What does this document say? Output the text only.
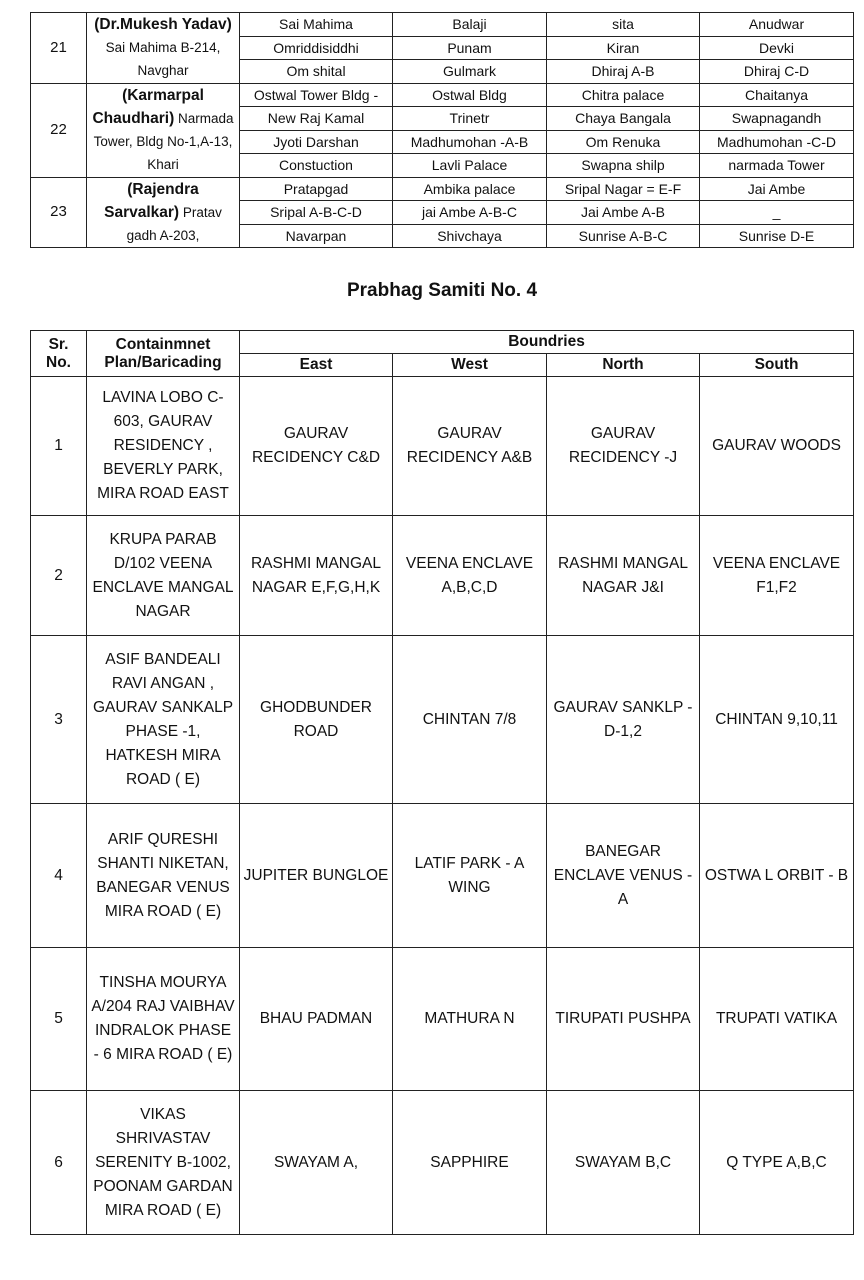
21	(Dr.Mukesh Yadav) Sai Mahima B-214, Navghar	Sai Mahima	Balaji	sita	Anudwar
		Omriddisiddhi	Punam	Kiran	Devki
		Om shital	Gulmark	Dhiraj A-B	Dhiraj C-D
22	(Karmarpal Chaudhari) Narmada Tower, Bldg No-1,A-13, Khari	Ostwal Tower Bldg -	Ostwal Bldg	Chitra palace	Chaitanya
		New Raj Kamal	Trinetr	Chaya Bangala	Swapnagandh
		Jyoti Darshan	Madhumohan -A-B	Om Renuka	Madhumohan -C-D
		Constuction	Lavli Palace	Swapna shilp	narmada Tower
23	(Rajendra Sarvalkar) Pratav gadh A-203,	Pratapgad	Ambika palace	Sripal Nagar = E-F	Jai Ambe
		Sripal A-B-C-D	jai Ambe A-B-C	Jai Ambe A-B	_
		Navarpan	Shivchaya	Sunrise A-B-C	Sunrise D-E
Prabhag Samiti No. 4
Sr. No.	Containmnet Plan/Baricading	Boundries			
		East	West	North	South
1	LAVINA LOBO C-603, GAURAV RESIDENCY , BEVERLY PARK, MIRA ROAD EAST	GAURAV RECIDENCY C&D	GAURAV RECIDENCY A&B	GAURAV RECIDENCY -J	GAURAV WOODS
2	KRUPA PARAB D/102 VEENA ENCLAVE MANGAL NAGAR	RASHMI MANGAL NAGAR E,F,G,H,K	VEENA ENCLAVE A,B,C,D	RASHMI MANGAL NAGAR J&I	VEENA ENCLAVE F1,F2
3	ASIF BANDEALI RAVI ANGAN , GAURAV SANKALP PHASE -1, HATKESH MIRA ROAD ( E)	GHODBUNDER ROAD	CHINTAN 7/8	GAURAV SANKLP - D-1,2	CHINTAN 9,10,11
4	ARIF QURESHI SHANTI NIKETAN, BANEGAR VENUS MIRA ROAD ( E)	JUPITER BUNGLOE	LATIF PARK - A WING	BANEGAR ENCLAVE VENUS - A	OSTWA L ORBIT - B
5	TINSHA MOURYA A/204 RAJ VAIBHAV INDRALOK PHASE - 6 MIRA ROAD ( E)	BHAU PADMAN	MATHURA N	TIRUPATI PUSHPA	TRUPATI VATIKA
6	VIKAS SHRIVASTAV SERENITY B-1002, POONAM GARDAN MIRA ROAD ( E)	SWAYAM A,	SAPPHIRE	SWAYAM B,C	Q TYPE A,B,C
